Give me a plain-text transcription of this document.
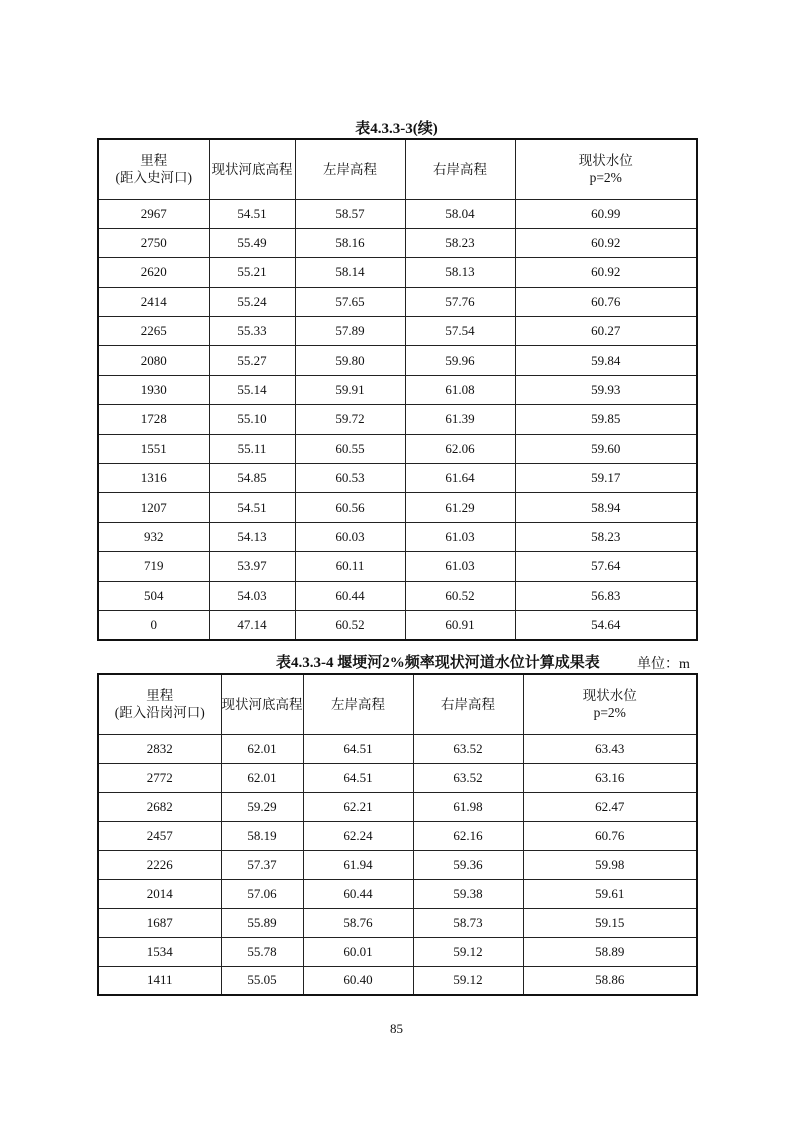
表4.3.3-3(续)
里程
(距入史河口)	现状河底高程	左岸高程	右岸高程	现状水位
p=2%

2967	54.51	58.57	58.04	60.99
2750	55.49	58.16	58.23	60.92
2620	55.21	58.14	58.13	60.92
2414	55.24	57.65	57.76	60.76
2265	55.33	57.89	57.54	60.27
2080	55.27	59.80	59.96	59.84
1930	55.14	59.91	61.08	59.93
1728	55.10	59.72	61.39	59.85
1551	55.11	60.55	62.06	59.60
1316	54.85	60.53	61.64	59.17
1207	54.51	60.56	61.29	58.94
932	54.13	60.03	61.03	58.23
719	53.97	60.11	61.03	57.64
504	54.03	60.44	60.52	56.83
0	47.14	60.52	60.91	54.64
表4.3.3-4 堰埂河2%频率现状河道水位计算成果表	单位：m
里程
(距入沿岗河口)	现状河底高程	左岸高程	右岸高程	现状水位
p=2%

2832	62.01	64.51	63.52	63.43
2772	62.01	64.51	63.52	63.16
2682	59.29	62.21	61.98	62.47
2457	58.19	62.24	62.16	60.76
2226	57.37	61.94	59.36	59.98
2014	57.06	60.44	59.38	59.61
1687	55.89	58.76	58.73	59.15
1534	55.78	60.01	59.12	58.89
1411	55.05	60.40	59.12	58.86
85
